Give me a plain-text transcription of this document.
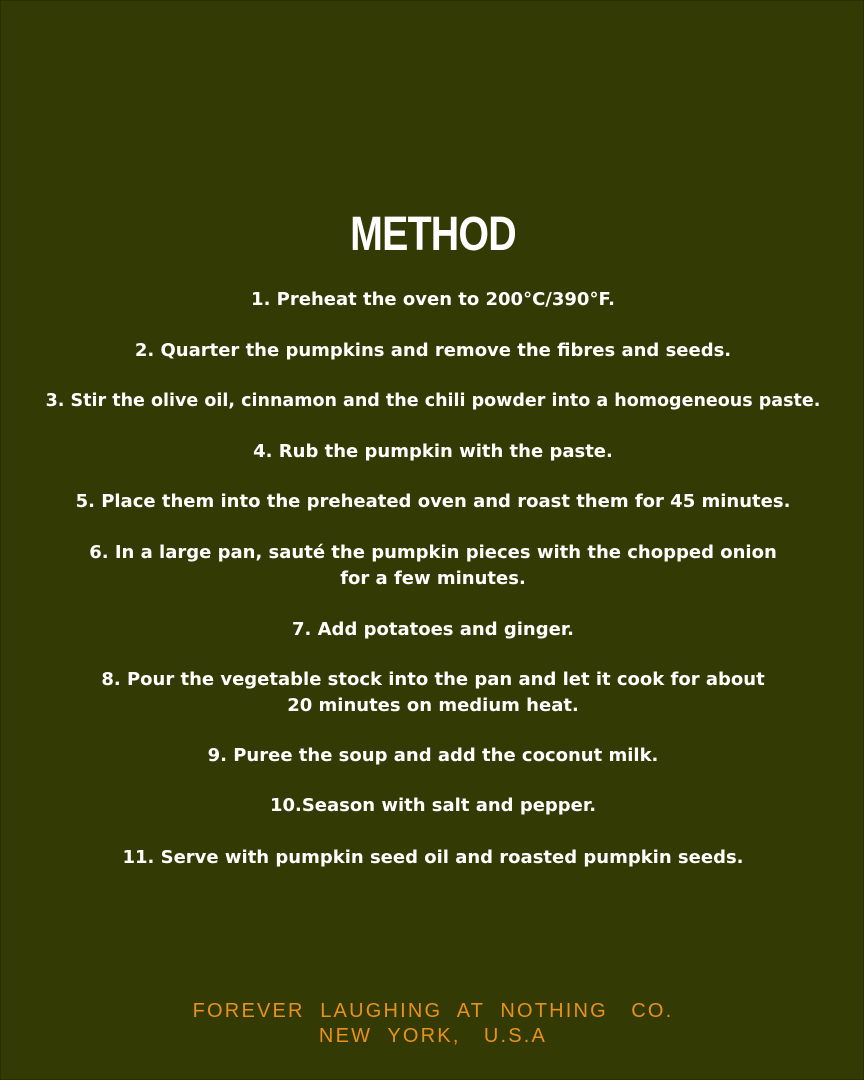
METHOD
1. Preheat the oven to 200°C/390°F.
2. Quarter the pumpkins and remove the fibres and seeds.
3. Stir the olive oil, cinnamon and the chili powder into a homogeneous paste.
4. Rub the pumpkin with the paste.
5. Place them into the preheated oven and roast them for 45 minutes.
6. In a large pan, sauté the pumpkin pieces with the chopped onion
for a few minutes.
7. Add potatoes and ginger.
8. Pour the vegetable stock into the pan and let it cook for about
20 minutes on medium heat.
9. Puree the soup and add the coconut milk.
10.Season with salt and pepper.
11. Serve with pumpkin seed oil and roasted pumpkin seeds.
FOREVER  LAUGHING  AT  NOTHING   CO.
NEW  YORK,   U.S.A
